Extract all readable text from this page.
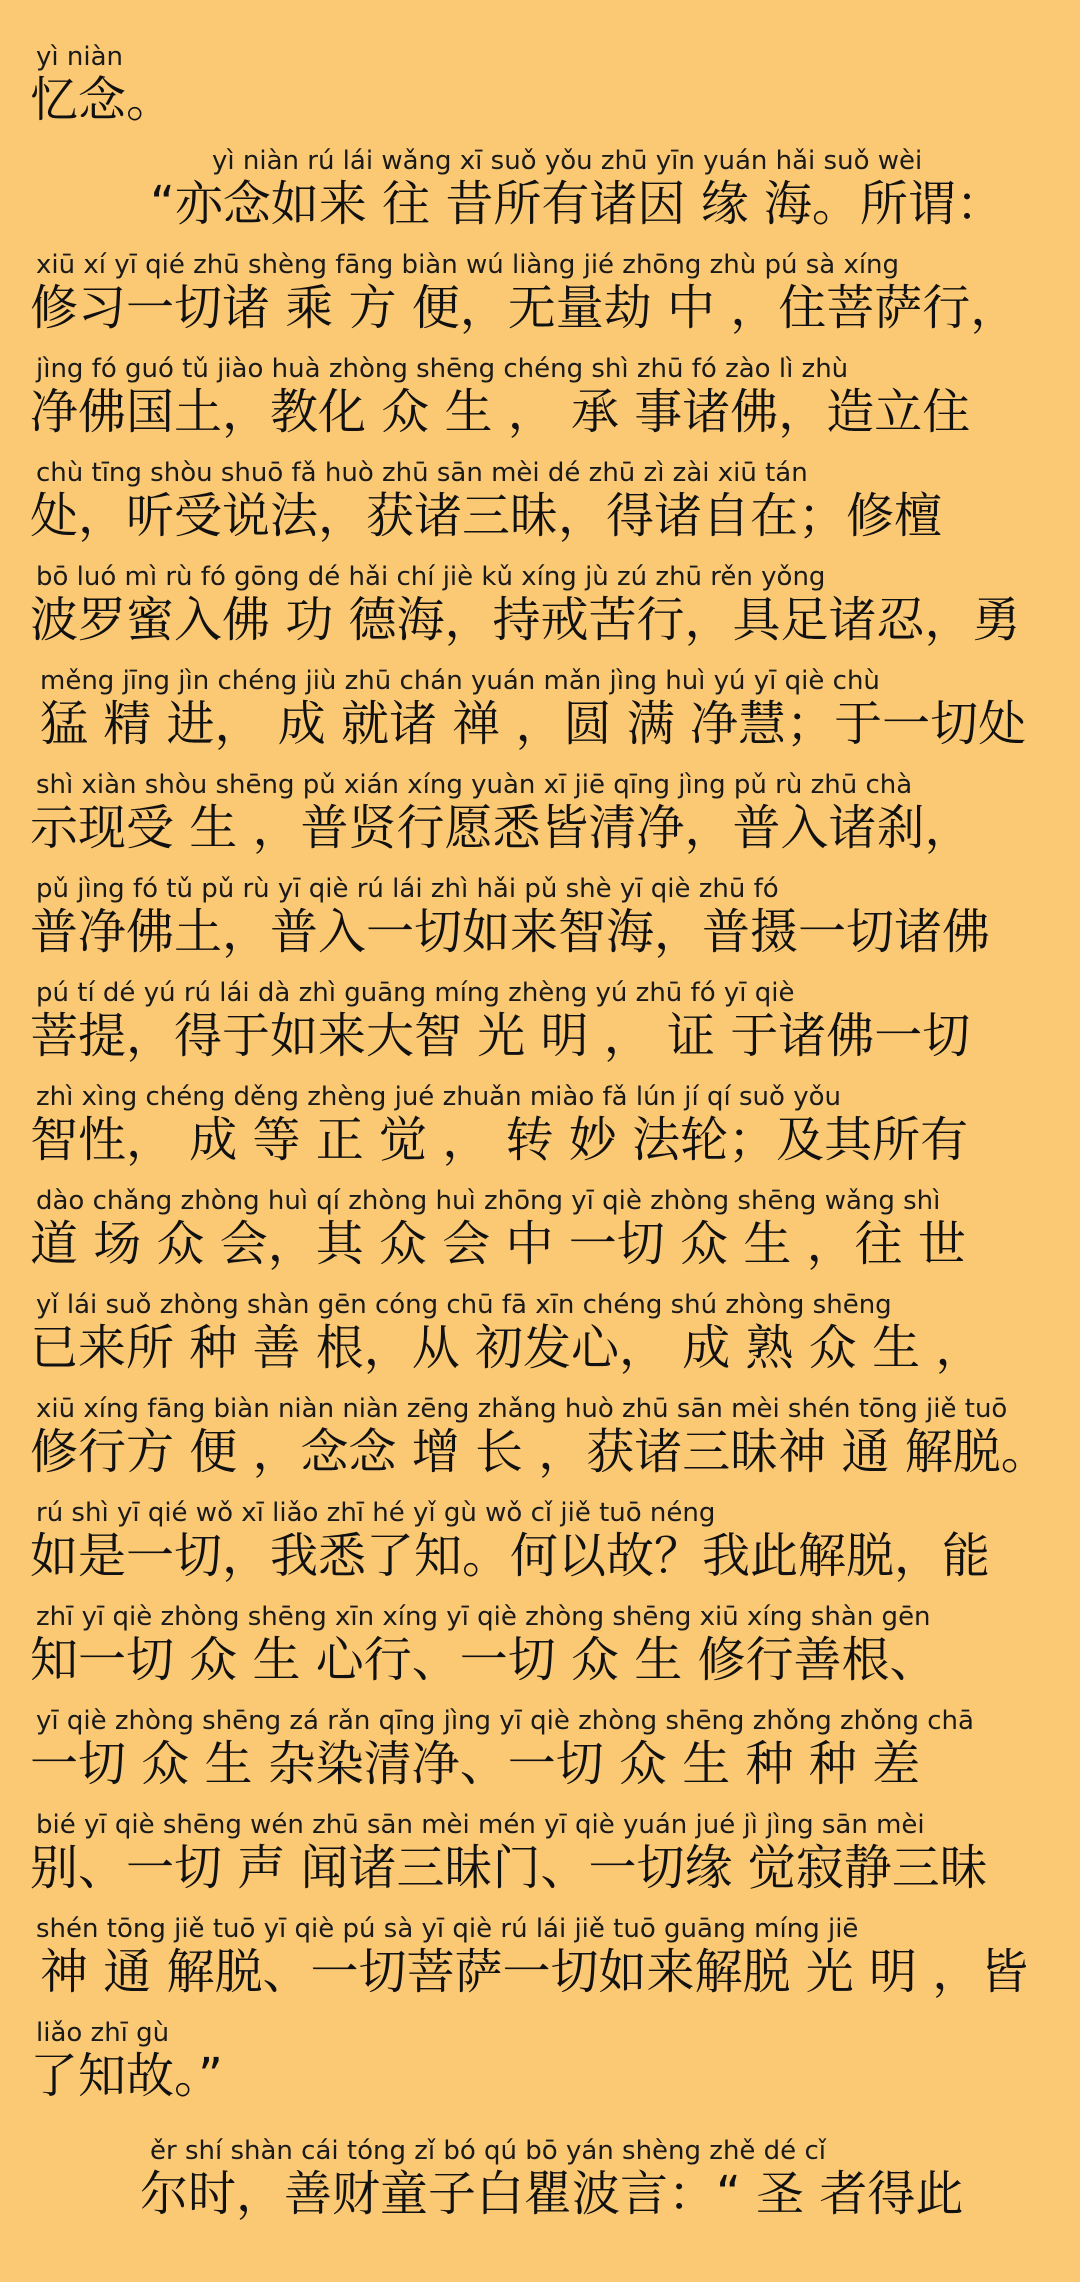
yì niàn
忆念。
yì niàn rú lái wǎng xī suǒ yǒu zhū yīn yuán hǎi suǒ wèi
“亦念如来 往 昔所有诸因 缘 海。所谓：
xiū xí yī qié zhū shèng fāng biàn wú liàng jié zhōng zhù pú sà xíng
修习一切诸 乘 方 便，无量劫 中 ，住菩萨行，
jìng fó guó tǔ jiào huà zhòng shēng chéng shì zhū fó zào lì zhù
净佛国土，教化 众 生 ， 承 事诸佛，造立住
chù tīng shòu shuō fǎ huò zhū sān mèi dé zhū zì zài xiū tán
处，听受说法，获诸三昧，得诸自在；修檀
bō luó mì rù fó gōng dé hǎi chí jiè kǔ xíng jù zú zhū rěn yǒng
波罗蜜入佛 功 德海，持戒苦行，具足诸忍，勇
měng jīng jìn chéng jiù zhū chán yuán mǎn jìng huì yú yī qiè chù
猛 精 进， 成 就诸 禅 ，圆 满 净慧；于一切处
shì xiàn shòu shēng pǔ xián xíng yuàn xī jiē qīng jìng pǔ rù zhū chà
示现受 生 ，普贤行愿悉皆清净，普入诸刹，
pǔ jìng fó tǔ pǔ rù yī qiè rú lái zhì hǎi pǔ shè yī qiè zhū fó
普净佛土，普入一切如来智海，普摄一切诸佛
pú tí dé yú rú lái dà zhì guāng míng zhèng yú zhū fó yī qiè
菩提，得于如来大智 光 明 ， 证 于诸佛一切
zhì xìng chéng děng zhèng jué zhuǎn miào fǎ lún jí qí suǒ yǒu
智性， 成 等 正 觉 ， 转 妙 法轮；及其所有
dào chǎng zhòng huì qí zhòng huì zhōng yī qiè zhòng shēng wǎng shì
道 场 众 会，其 众 会 中 一切 众 生 ，往 世
yǐ lái suǒ zhòng shàn gēn cóng chū fā xīn chéng shú zhòng shēng
已来所 种 善 根，从 初发心， 成 熟 众 生 ，
xiū xíng fāng biàn niàn niàn zēng zhǎng huò zhū sān mèi shén tōng jiě tuō
修行方 便 ，念念 增 长 ，获诸三昧神 通 解脱。
rú shì yī qié wǒ xī liǎo zhī hé yǐ gù wǒ cǐ jiě tuō néng
如是一切，我悉了知。何以故？我此解脱，能
zhī yī qiè zhòng shēng xīn xíng yī qiè zhòng shēng xiū xíng shàn gēn
知一切 众 生 心行、一切 众 生 修行善根、
yī qiè zhòng shēng zá rǎn qīng jìng yī qiè zhòng shēng zhǒng zhǒng chā
一切 众 生 杂染清净、一切 众 生 种 种 差
bié yī qiè shēng wén zhū sān mèi mén yī qiè yuán jué jì jìng sān mèi
别、一切 声 闻诸三昧门、一切缘 觉寂静三昧
shén tōng jiě tuō yī qiè pú sà yī qiè rú lái jiě tuō guāng míng jiē
神 通 解脱、一切菩萨一切如来解脱 光 明 ，皆
liǎo zhī gù
了知故。”
ěr shí shàn cái tóng zǐ bó qú bō yán shèng zhě dé cǐ
尔时，善财童子白瞿波言：“ 圣 者得此
